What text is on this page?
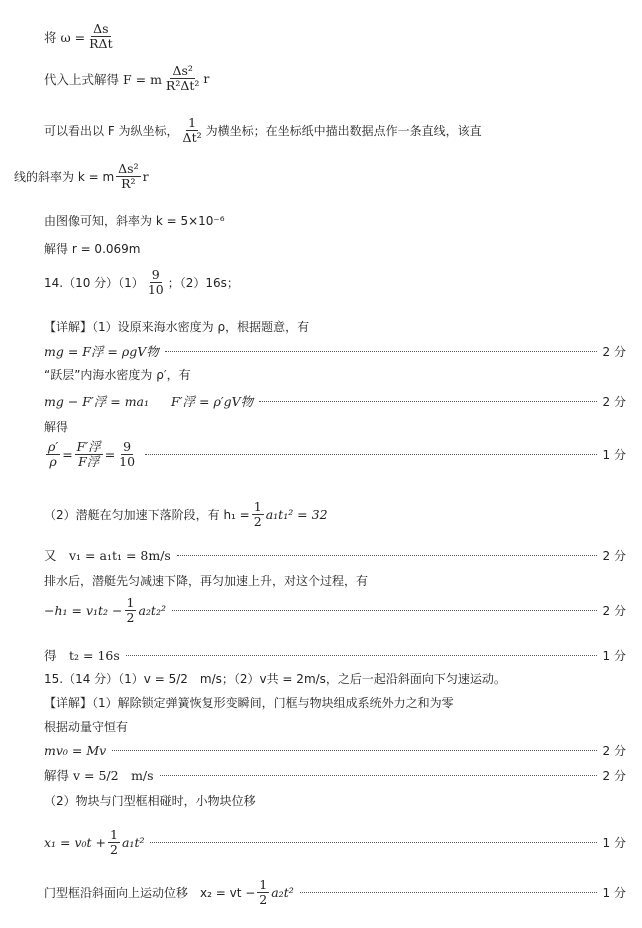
将 $\omega = \frac{\Delta s}{\text{RΔt}}$
代入上式解得 F = m $\frac{\text{Δs²}}{\text{R²Δt²}}$ r
可以看出以 F 为纵坐标， $\frac{1}{\text{Δt²}}$ 为横坐标；在坐标纸中描出数据点作一条直线，该直
线的斜率为 k = m $\frac{\text{Δs²}}{\text{R²}}$ r
由图像可知，斜率为 k = 5×10⁻⁶
解得 r = 0.069m
14.（10 分）$(1) \frac{9}{10}$ ；（2）16s；
【详解】（1）设原来海水密度为 ρ，根据题意，有
mg = F浮 = ρgV物	2 分
“跃层”内海水密度为 ρ′，有
mg − F′浮 = ma₁ F′浮 = ρ′gV物	2 分
解得
$\frac{\rho'}{\rho} = \frac{\text{F′浮}}{\text{F浮}} = \frac{9}{10}$	1 分
（2）潜艇在匀加速下落阶段，有 $h_1 = \frac{1}{2} a_1t_1^2 = 32$
又　v₁ = a₁t₁ = 8m/s	2 分
排水后，潜艇先匀减速下降，再匀加速上升，对这个过程，有
$-h_1 = v_1t_2 - \frac{1}{2} a_2t_2^2$	2 分
得　t₂ = 16s	1 分
15.（14 分）（1）v = 5/2　m/s；（2）v共 = 2m/s，之后一起沿斜面向下匀速运动。
【详解】（1）解除锁定弹簧恢复形变瞬间，门框与物块组成系统外力之和为零
根据动量守恒有
mv₀ = Mv	2 分
解得 v = 5/2　m/s	2 分
（2）物块与门型框相碰时，小物块位移
$x_1 = v_0t + \frac{1}{2} a_1t^2$	1 分
门型框沿斜面向上运动位移　x₂ = vt − $\frac{1}{2} a_2t^2$	1 分
